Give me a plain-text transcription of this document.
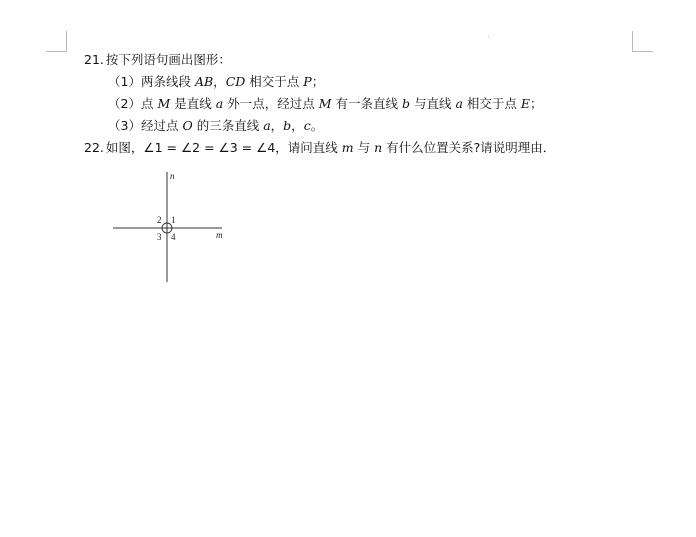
21. 按下列语句画出图形：
（1）两条线段 AB，CD 相交于点 P；
（2）点 M 是直线 a 外一点，经过点 M 有一条直线 b 与直线 a 相交于点 E；
（3）经过点 O 的三条直线 a，b，c。
22. 如图，∠1 = ∠2 = ∠3 = ∠4，请问直线 m 与 n 有什么位置关系?请说明理由．
n
m
1
2
3 4
